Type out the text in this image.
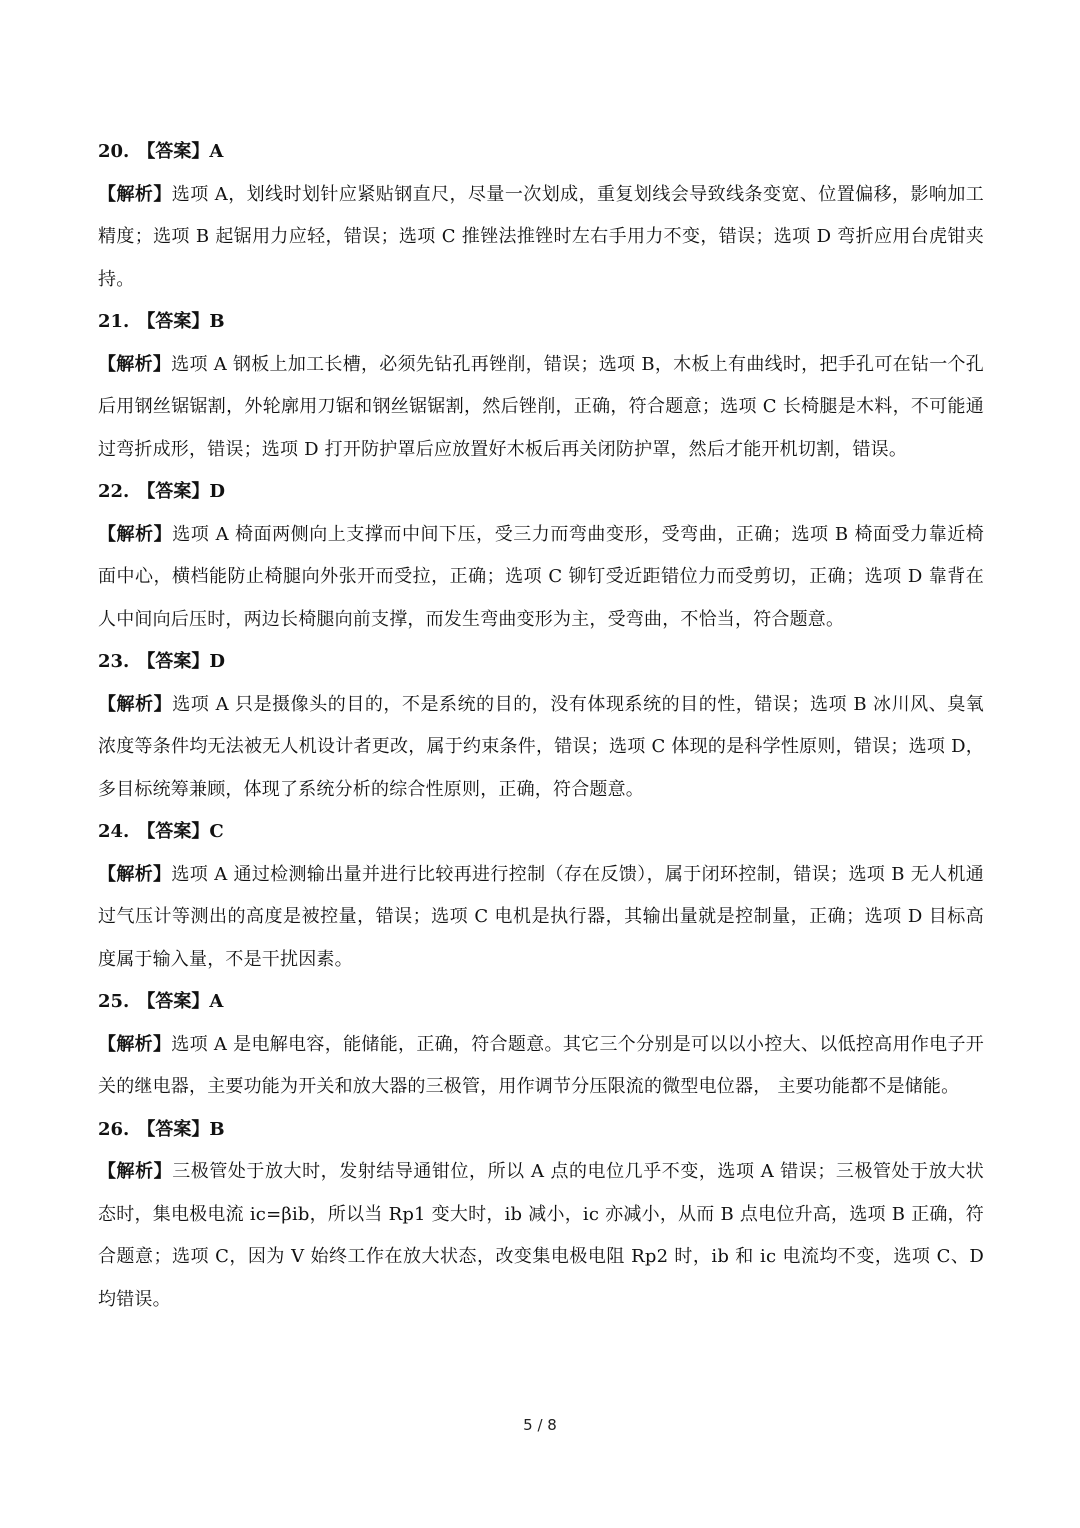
20. 【答案】A

【解析】选项 A，划线时划针应紧贴钢直尺，尽量一次划成，重复划线会导致线条变宽、位置偏移，影响加工精度；选项 B 起锯用力应轻，错误；选项 C 推锉法推锉时左右手用力不变，错误；选项 D 弯折应用台虎钳夹持。

21. 【答案】B

【解析】选项 A 钢板上加工长槽，必须先钻孔再锉削，错误；选项 B，木板上有曲线时，把手孔可在钻一个孔后用钢丝锯锯割，外轮廓用刀锯和钢丝锯锯割，然后锉削，正确，符合题意；选项 C 长椅腿是木料，不可能通过弯折成形，错误；选项 D 打开防护罩后应放置好木板后再关闭防护罩，然后才能开机切割，错误。

22. 【答案】D

【解析】选项 A 椅面两侧向上支撑而中间下压，受三力而弯曲变形，受弯曲，正确；选项 B 椅面受力靠近椅面中心，横档能防止椅腿向外张开而受拉，正确；选项 C 铆钉受近距错位力而受剪切，正确；选项 D 靠背在人中间向后压时，两边长椅腿向前支撑，而发生弯曲变形为主，受弯曲，不恰当，符合题意。

23. 【答案】D

【解析】选项 A 只是摄像头的目的，不是系统的目的，没有体现系统的目的性，错误；选项 B 冰川风、臭氧浓度等条件均无法被无人机设计者更改，属于约束条件，错误；选项 C 体现的是科学性原则，错误；选项 D，多目标统筹兼顾，体现了系统分析的综合性原则，正确，符合题意。

24. 【答案】C

【解析】选项 A 通过检测输出量并进行比较再进行控制（存在反馈），属于闭环控制，错误；选项 B 无人机通过气压计等测出的高度是被控量，错误；选项 C 电机是执行器，其输出量就是控制量，正确；选项 D 目标高度属于输入量，不是干扰因素。

25. 【答案】A

【解析】选项 A 是电解电容，能储能，正确，符合题意。其它三个分别是可以以小控大、以低控高用作电子开关的继电器，主要功能为开关和放大器的三极管，用作调节分压限流的微型电位器， 主要功能都不是储能。

26. 【答案】B

【解析】三极管处于放大时，发射结导通钳位，所以 A 点的电位几乎不变，选项 A 错误；三极管处于放大状态时，集电极电流 ic=βib，所以当 Rp1 变大时，ib 减小，ic 亦减小，从而 B 点电位升高，选项 B 正确，符合题意；选项 C，因为 V 始终工作在放大状态，改变集电极电阻 Rp2 时，ib 和 ic 电流均不变，选项 C、D 均错误。

5 / 8
